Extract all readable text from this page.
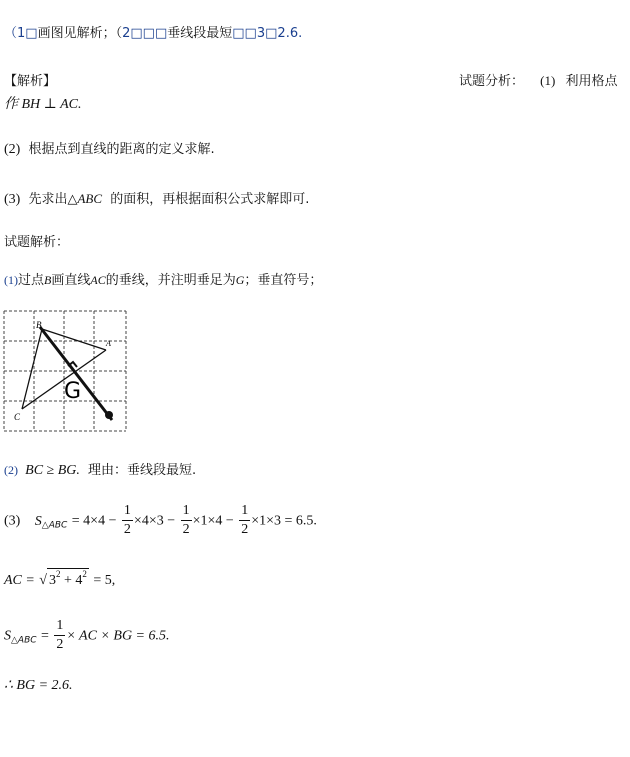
（1□画图见解析；（2□□□垂线段最短□□3□2.6.
【解析】	试题分析： (1) 利用格点
作 BH ⊥ AC.
(2) 根据点到直线的距离的定义求解.
(3) 先求出△ABC 的面积，再根据面积公式求解即可.
试题解析：
(1)过点B画直线AC的垂线，并注明垂足为G；垂直符号；
A
B
C
G
(2) BC ≥ BG. 理由：垂线段最短.
(3) $S_{\triangle ABC} = 4\times 4 - \frac{1}{2} \times 4\times 3 - \frac{1}{2} \times 1\times 4 - \frac{1}{2} \times 1\times 3 = 6.5$.
AC = √ $3^2 + 4^2 = 5$,
$S_{\triangle ABC} = \frac{1}{2}$ × AC × BG = 6.5.
∴ BG = 2.6.
